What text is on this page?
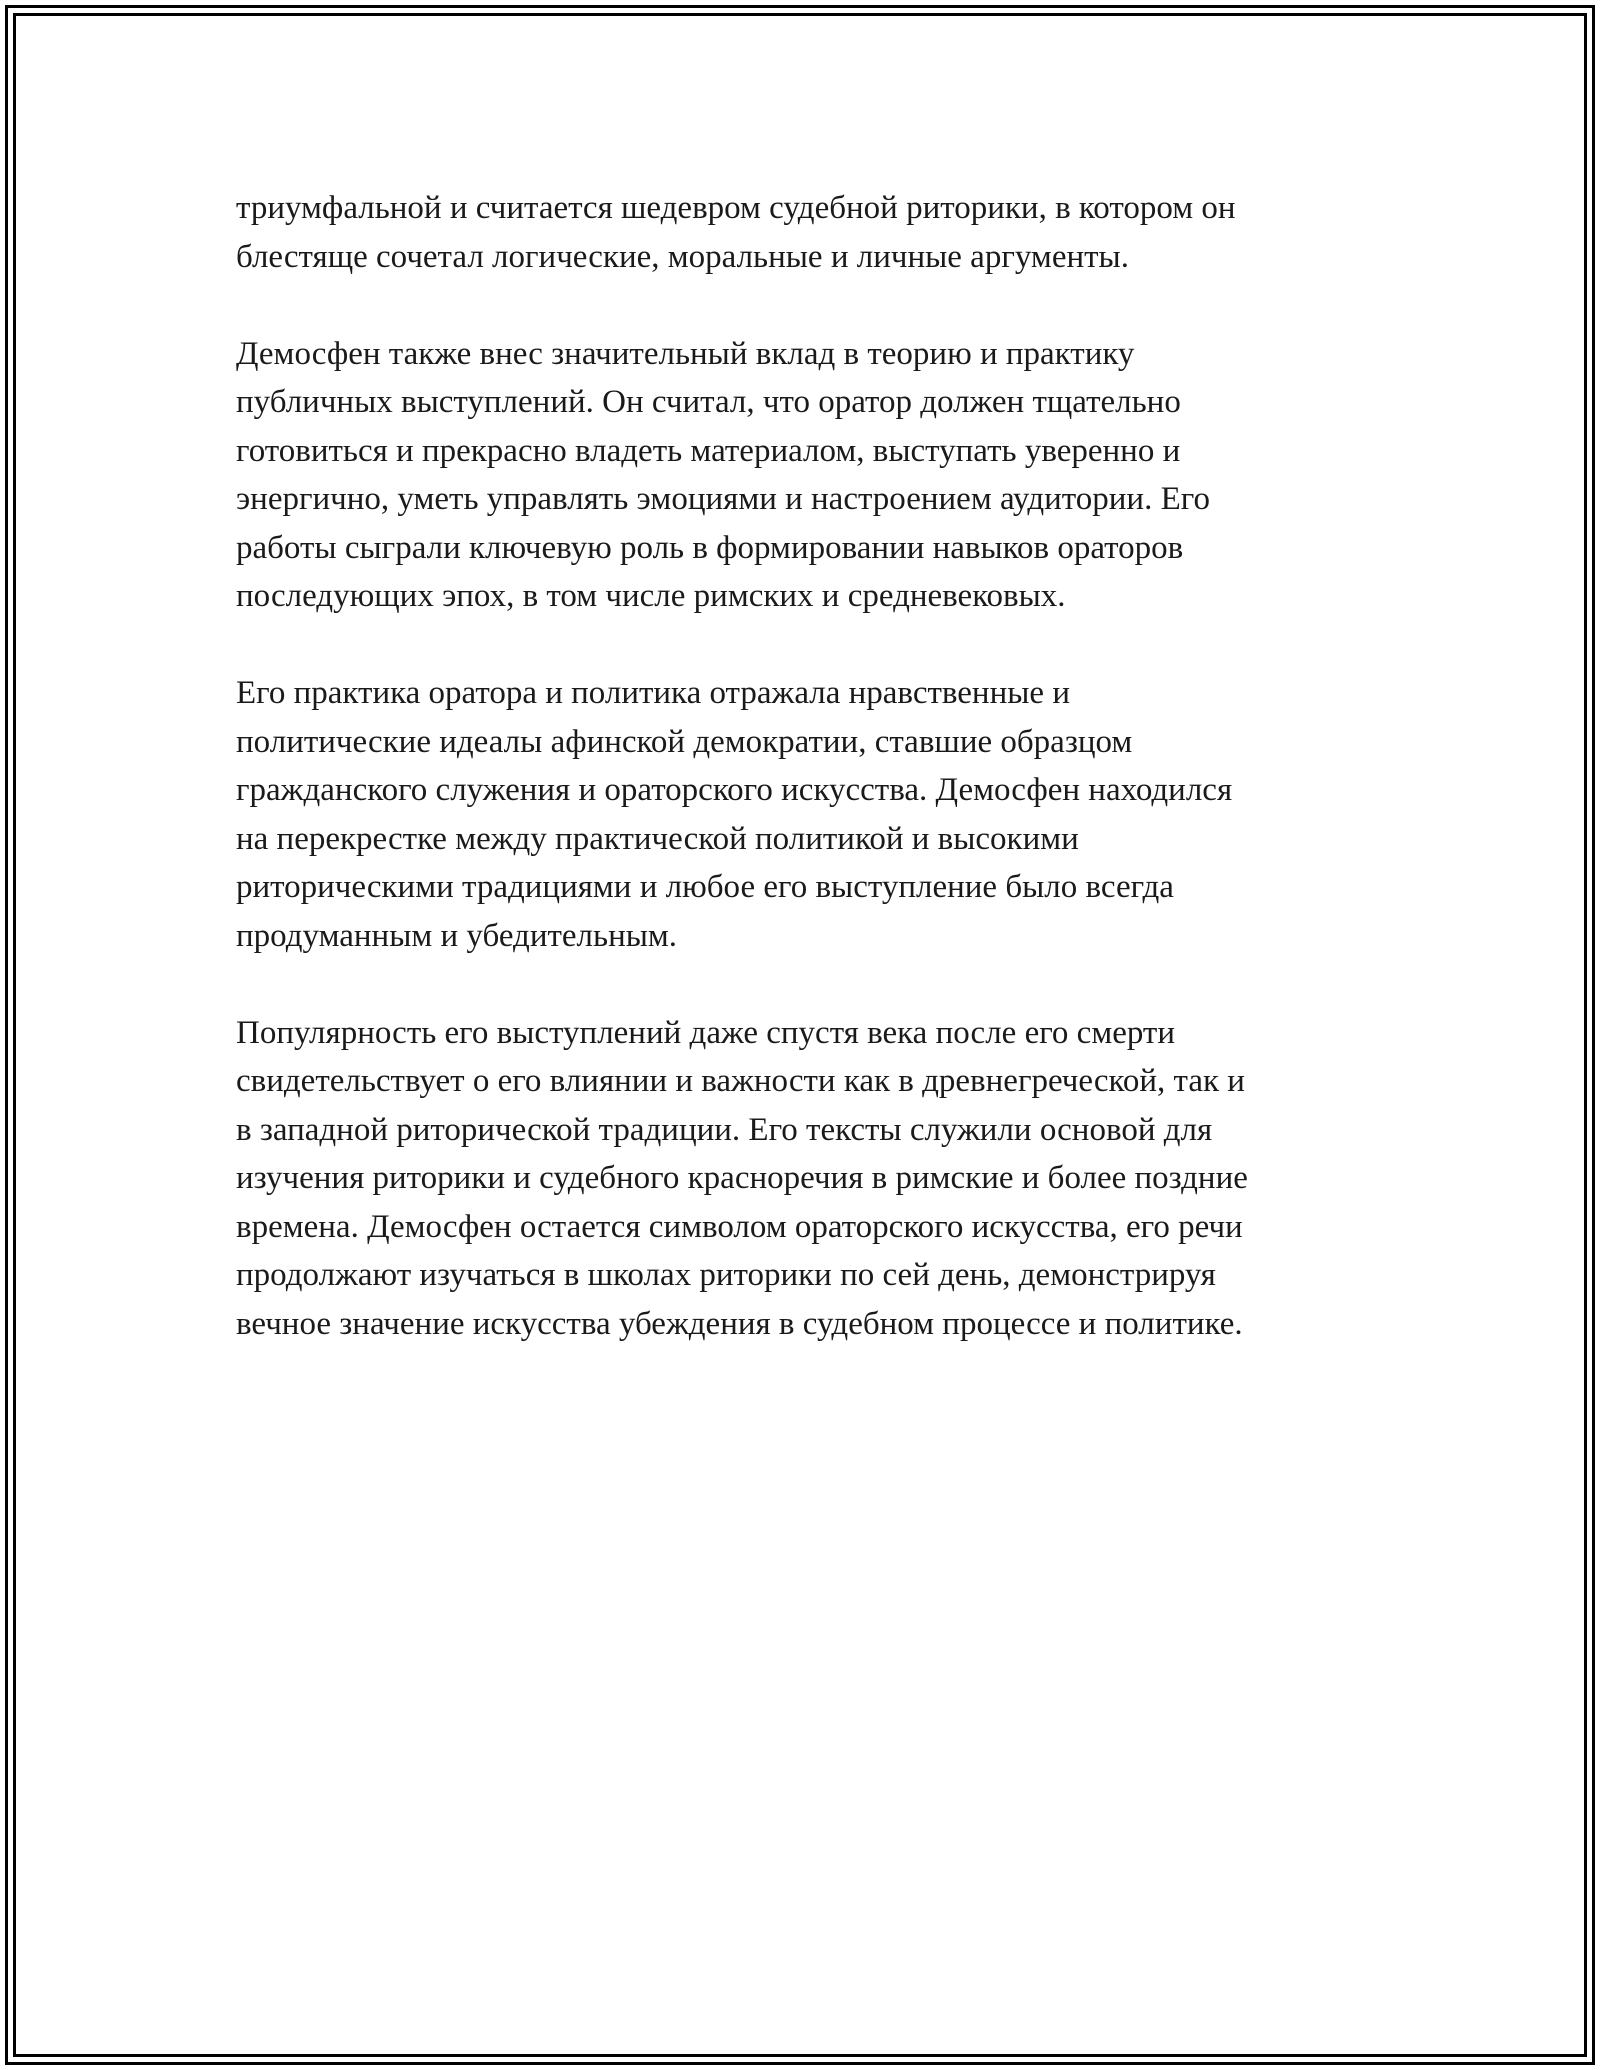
триумфальной и считается шедевром судебной риторики, в котором он
блестяще сочетал логические, моральные и личные аргументы.

Демосфен также внес значительный вклад в теорию и практику
публичных выступлений. Он считал, что оратор должен тщательно
готовиться и прекрасно владеть материалом, выступать уверенно и
энергично, уметь управлять эмоциями и настроением аудитории. Его
работы сыграли ключевую роль в формировании навыков ораторов
последующих эпох, в том числе римских и средневековых.

Его практика оратора и политика отражала нравственные и
политические идеалы афинской демократии, ставшие образцом
гражданского служения и ораторского искусства. Демосфен находился
на перекрестке между практической политикой и высокими
риторическими традициями и любое его выступление было всегда
продуманным и убедительным.

Популярность его выступлений даже спустя века после его смерти
свидетельствует о его влиянии и важности как в древнегреческой, так и
в западной риторической традиции. Его тексты служили основой для
изучения риторики и судебного красноречия в римские и более поздние
времена. Демосфен остается символом ораторского искусства, его речи
продолжают изучаться в школах риторики по сей день, демонстрируя
вечное значение искусства убеждения в судебном процессе и политике.
